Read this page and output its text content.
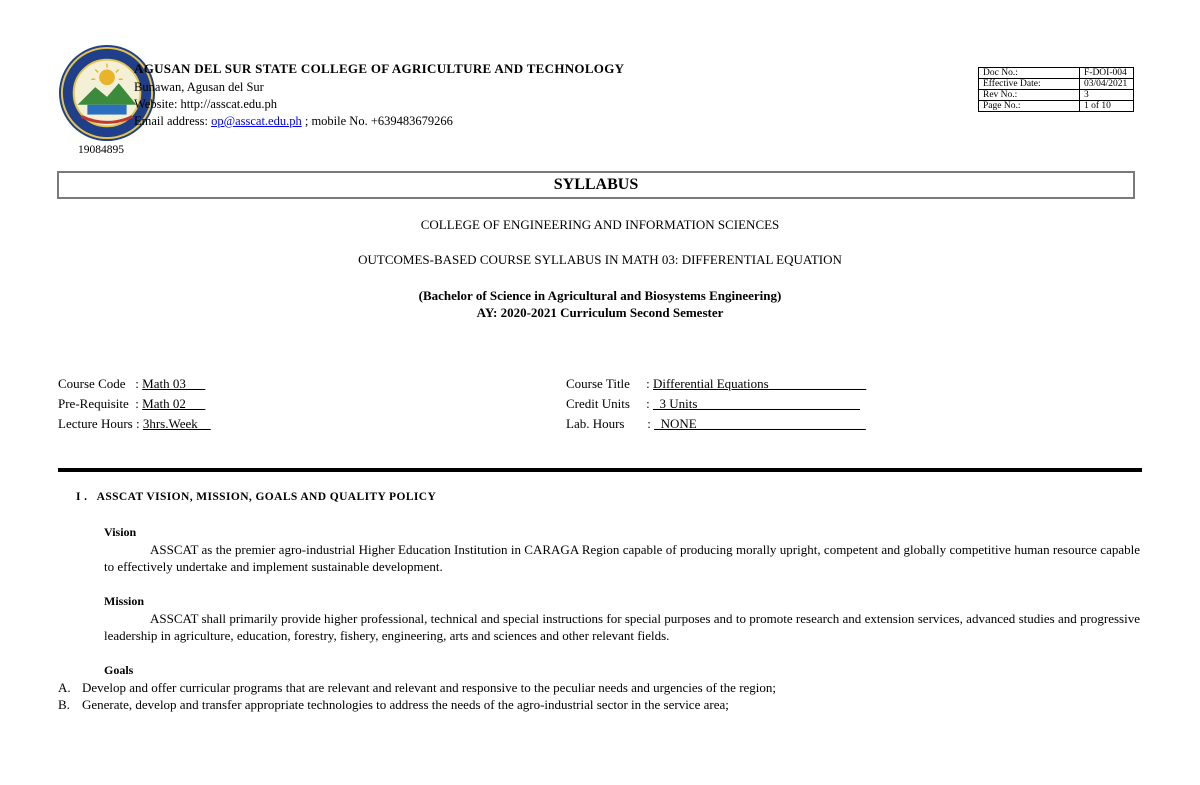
AGUSAN DEL SUR STATE COLLEGE OF AGRICULTURE AND TECHNOLOGY
Bunawan, Agusan del Sur
Website: http://asscat.edu.ph
Email address: op@asscat.edu.ph ; mobile No. +639483679266
19084895
Doc No.:	F-DOI-004
Effective Date:	03/04/2021
Rev No.:	3
Page No.:	1 of 10
SYLLABUS
COLLEGE OF ENGINEERING AND INFORMATION SCIENCES
OUTCOMES-BASED COURSE SYLLABUS IN MATH 03: DIFFERENTIAL EQUATION
(Bachelor of Science in Agricultural and Biosystems Engineering)
AY: 2020-2021 Curriculum Second Semester
Course Code   : Math 03
Pre-Requisite  : Math 02
Lecture Hours : 3hrs.Week
Course Title     : Differential Equations_______________
Credit Units     : _3 Units_________________________
Lab. Hours       : _NONE__________________________
I .   ASSCAT VISION, MISSION, GOALS AND QUALITY POLICY
Vision
ASSCAT as the premier agro-industrial Higher Education Institution in CARAGA Region capable of producing morally upright, competent and globally competitive human resource capable to effectively undertake and implement sustainable development.
Mission
ASSCAT shall primarily provide higher professional, technical and special instructions for special purposes and to promote research and extension services, advanced studies and progressive leadership in agriculture, education, forestry, fishery, engineering, arts and sciences and other relevant fields.
Goals
A. Develop and offer curricular programs that are relevant and relevant and responsive to the peculiar needs and urgencies of the region;
B. Generate, develop and transfer appropriate technologies to address the needs of the agro-industrial sector in the service area;
